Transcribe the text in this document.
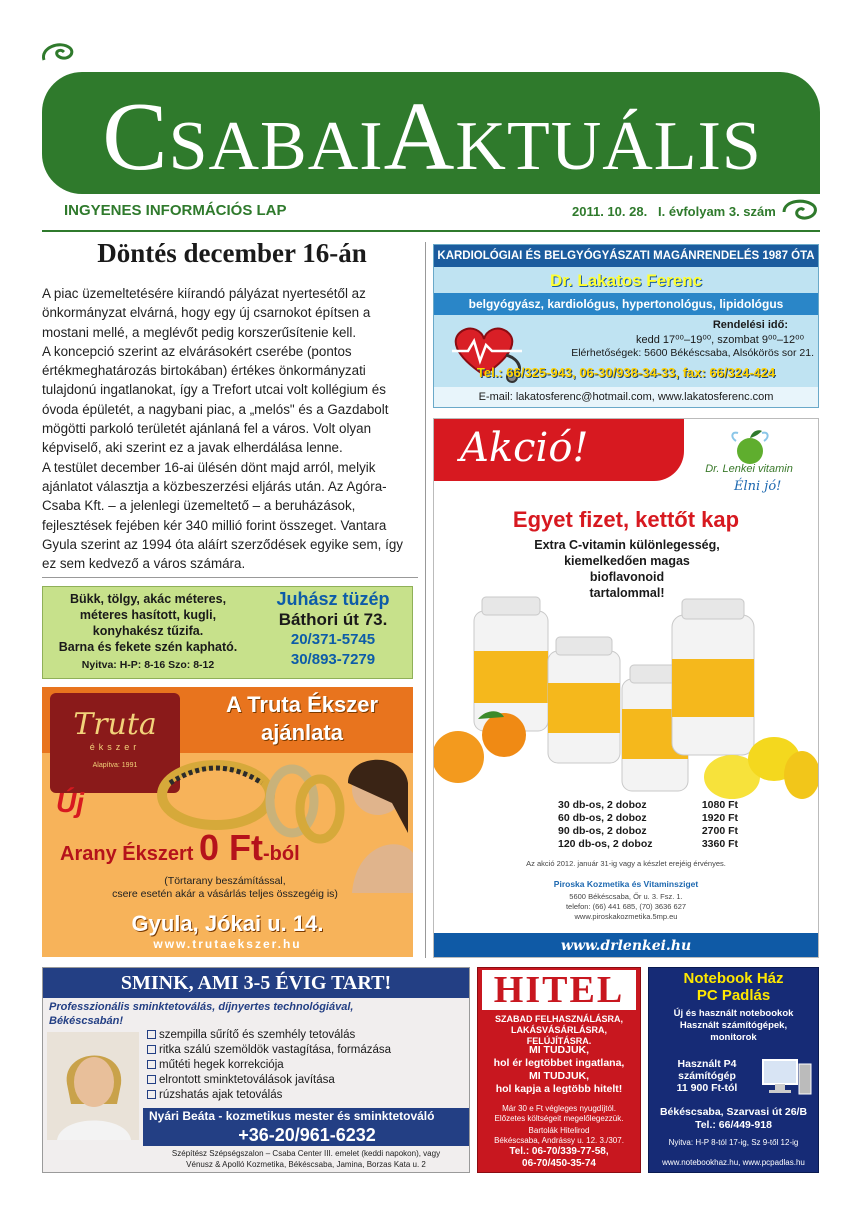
CSABAIAKTUÁLIS
INGYENES INFORMÁCIÓS LAP	2011. 10. 28. I. évfolyam 3. szám
Döntés december 16-án

A piac üzemeltetésére kiírandó pályázat nyertesétől az önkormányzat elvárná, hogy egy új csarnokot építsen a mostani mellé, a meglévőt pedig korszerűsítenie kell.

A koncepció szerint az elvárásokért cserébe (pontos értékmeghatározás birtokában) értékes önkormányzati tulajdonú ingatlanokat, így a Trefort utcai volt kollégium és óvoda épületét, a nagybani piac, a „melós" és a Gazdabolt mögötti parkoló területét ajánlaná fel a város. Volt olyan képviselő, aki szerint ez a javak elherdálása lenne.

A testület december 16-ai ülésén dönt majd arról, melyik ajánlatot választja a közbeszerzési eljárás után. Az Agóra-Csaba Kft. – a jelenlegi üzemeltető – a beruházások, fejlesztések fejében kér 340 millió forint összeget. Vantara Gyula szerint az 1994 óta aláírt szerződések egyike sem, így ez sem kedvező a város számára.

KARDIOLÓGIAI ÉS BELGYÓGYÁSZATI MAGÁNRENDELÉS 1987 ÓTA
Dr. Lakatos Ferenc
belgyógyász, kardiológus, hypertonológus, lipidológus
Rendelési idő:
kedd 17⁰⁰–19⁰⁰, szombat 9⁰⁰–12⁰⁰
Elérhetőségek: 5600 Békéscsaba, Alsókörös sor 21.
Tel.: 66/325-943, 06-30/938-34-33, fax: 66/324-424
E-mail: lakatosferenc@hotmail.com, www.lakatosferenc.com
Akció!	Dr. Lenkei vitamin
Élni jó!
Egyet fizet, kettőt kap
Extra C-vitamin különlegesség,
kiemelkedően magas
bioflavonoid
tartalommal!
30 db-os, 2 doboz	1080 Ft
60 db-os, 2 doboz	1920 Ft
90 db-os, 2 doboz	2700 Ft
120 db-os, 2 doboz	3360 Ft
Az akció 2012. január 31-ig vagy a készlet erejéig érvényes.
Piroska Kozmetika és Vitaminsziget
5600 Békéscsaba, Őr u. 3. Fsz. 1.
telefon: (66) 441 685, (70) 3636 627
www.piroskakozmetika.5mp.eu
www.drlenkei.hu
Bükk, tölgy, akác méteres,
méteres hasított, kugli,
konyhakész tűzifa.
Barna és fekete szén kapható.
Nyitva: H-P: 8-16 Szo: 8-12
Juhász tüzép
Báthori út 73.
20/371-5745
30/893-7279
Truta
ékszer
Alapítva: 1991
A Truta Ékszer
ajánlata
Új
Arany Ékszert 0 Ft-ból
(Törtarany beszámítással,
csere esetén akár a vásárlás teljes összegéig is)
Gyula, Jókai u. 14.
www.trutaekszer.hu
SMINK, AMI 3-5 ÉVIG TART!
Professzionális sminktetoválás, díjnyertes technológiával,
Békéscsabán!
szempilla sűrítő és szemhély tetoválás
ritka szálú szemöldök vastagítása, formázása
műtéti hegek korrekciója
elrontott sminktetoválások javítása
rúzshatás ajak tetoválás
Nyári Beáta - kozmetikus mester és sminktetováló
+36-20/961-6232
Szépítész Szépségszalon – Csaba Center III. emelet (keddi napokon), vagy
Vénusz & Apolló Kozmetika, Békéscsaba, Jamina, Borzas Kata u. 2
HITEL
SZABAD FELHASZNÁLÁSRA,
LAKÁSVÁSÁRLÁSRA, FELÚJÍTÁSRA.
MI TUDJUK,
hol ér legtöbbet ingatlana,
MI TUDJUK,
hol kapja a legtöbb hitelt!
Már 30 e Ft végleges nyugdíjtól.
Előzetes költségeit megelőlegezzük.
Bartolák Hitelirod
Békéscsaba, Andrássy u. 12. 3./307.
Tel.: 06-70/339-77-58,
06-70/450-35-74
Notebook Ház
PC Padlás
Új és használt notebookok
Használt számítógépek,
monitorok
Használt P4
számítógép
11 900 Ft-tól
Békéscsaba, Szarvasi út 26/B
Tel.: 66/449-918
Nyitva: H-P 8-tól 17-ig, Sz 9-től 12-ig
www.notebookhaz.hu, www.pcpadlas.hu
